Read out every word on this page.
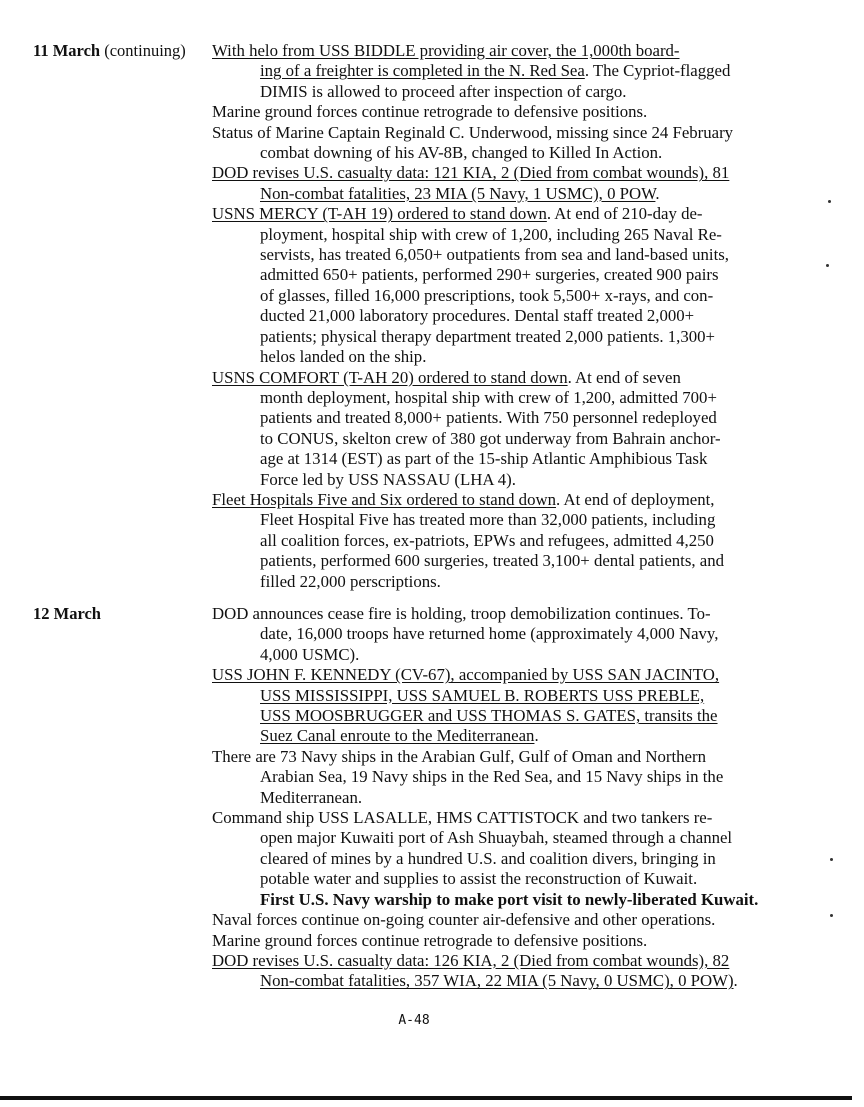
11 March (continuing) With helo from USS BIDDLE providing air cover, the 1,000th board-
ing of a freighter is completed in the N. Red Sea. The Cypriot-flagged
DIMIS is allowed to proceed after inspection of cargo.
Marine ground forces continue retrograde to defensive positions.
Status of Marine Captain Reginald C. Underwood, missing since 24 February
combat downing of his AV-8B, changed to Killed In Action.
DOD revises U.S. casualty data: 121 KIA, 2 (Died from combat wounds), 81
Non-combat fatalities, 23 MIA (5 Navy, 1 USMC), 0 POW.
USNS MERCY (T-AH 19) ordered to stand down. At end of 210-day de-
ployment, hospital ship with crew of 1,200, including 265 Naval Re-
servists, has treated 6,050+ outpatients from sea and land-based units,
admitted 650+ patients, performed 290+ surgeries, created 900 pairs
of glasses, filled 16,000 prescriptions, took 5,500+ x-rays, and con-
ducted 21,000 laboratory procedures. Dental staff treated 2,000+
patients; physical therapy department treated 2,000 patients. 1,300+
helos landed on the ship.
USNS COMFORT (T-AH 20) ordered to stand down. At end of seven
month deployment, hospital ship with crew of 1,200, admitted 700+
patients and treated 8,000+ patients. With 750 personnel redeployed
to CONUS, skelton crew of 380 got underway from Bahrain anchor-
age at 1314 (EST) as part of the 15-ship Atlantic Amphibious Task
Force led by USS NASSAU (LHA 4).
Fleet Hospitals Five and Six ordered to stand down. At end of deployment,
Fleet Hospital Five has treated more than 32,000 patients, including
all coalition forces, ex-patriots, EPWs and refugees, admitted 4,250
patients, performed 600 surgeries, treated 3,100+ dental patients, and
filled 22,000 perscriptions.
12 March	DOD announces cease fire is holding, troop demobilization continues. To-
date, 16,000 troops have returned home (approximately 4,000 Navy,
4,000 USMC).
USS JOHN F. KENNEDY (CV-67), accompanied by USS SAN JACINTO,
USS MISSISSIPPI, USS SAMUEL B. ROBERTS USS PREBLE,
USS MOOSBRUGGER and USS THOMAS S. GATES, transits the
Suez Canal enroute to the Mediterranean.
There are 73 Navy ships in the Arabian Gulf, Gulf of Oman and Northern
Arabian Sea, 19 Navy ships in the Red Sea, and 15 Navy ships in the
Mediterranean.
Command ship USS LASALLE, HMS CATTISTOCK and two tankers re-
open major Kuwaiti port of Ash Shuaybah, steamed through a channel
cleared of mines by a hundred U.S. and coalition divers, bringing in
potable water and supplies to assist the reconstruction of Kuwait.
First U.S. Navy warship to make port visit to newly-liberated Kuwait.
Naval forces continue on-going counter air-defensive and other operations.
Marine ground forces continue retrograde to defensive positions.
DOD revises U.S. casualty data: 126 KIA, 2 (Died from combat wounds), 82
Non-combat fatalities, 357 WIA, 22 MIA (5 Navy, 0 USMC), 0 POW).
A-48
